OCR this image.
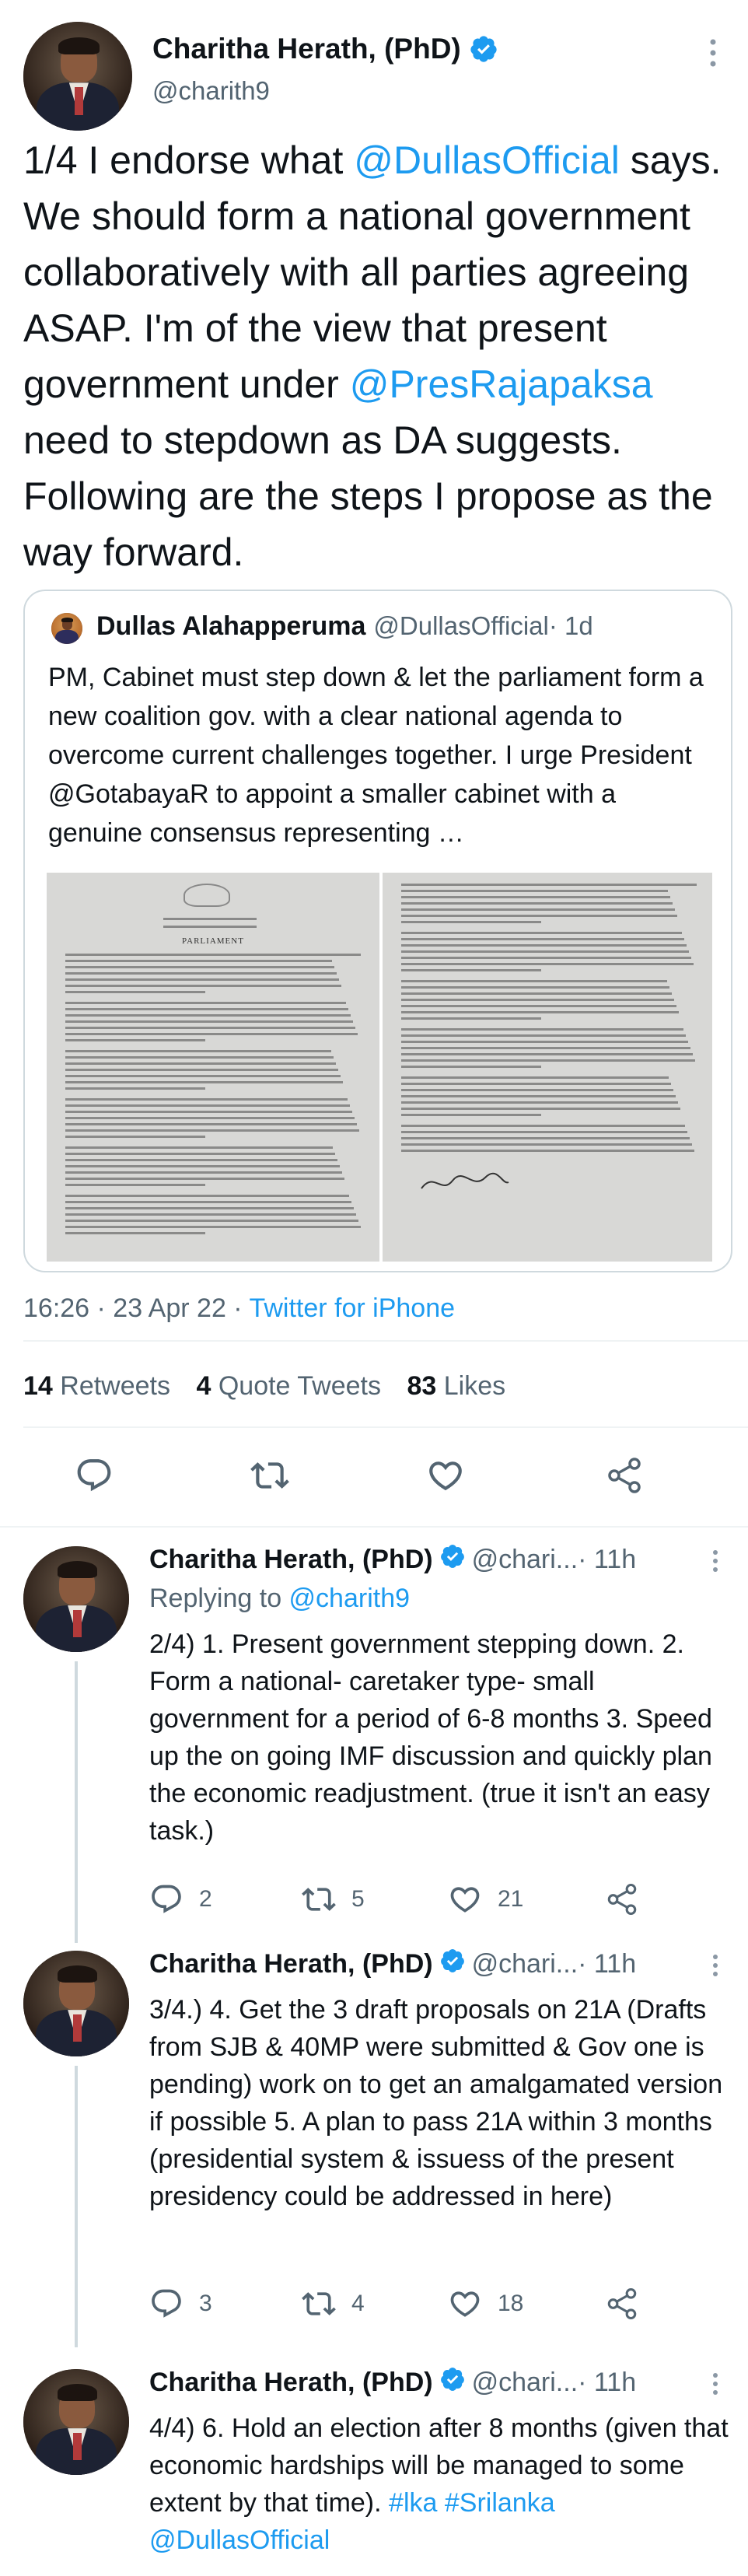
Charitha Herath, (PhD)
@charith9
1/4 I endorse what @DullasOfficial says. We should form a national government collaboratively with all parties agreeing ASAP. I'm of the view that present government under @PresRajapaksa need to stepdown as DA suggests. Following are the steps I propose as the way forward.
Dullas Alahapperuma @DullasOfficial · 1d
PM, Cabinet must step down & let the parliament form a new coalition gov. with a clear national agenda to overcome current challenges together. I urge President @GotabayaR to appoint a smaller cabinet with a genuine consensus representing …
PARLIAMENT
16:26 · 23 Apr 22 · Twitter for iPhone
14 Retweets 4 Quote Tweets 83 Likes
Charitha Herath, (PhD) @chari... · 11h
Replying to @charith9
2/4) 1. Present government stepping down. 2. Form a national- caretaker type- small government for a period of 6-8 months 3. Speed up the on going IMF discussion and quickly plan the economic readjustment. (true it isn't an easy task.)
2	5	21
Charitha Herath, (PhD) @chari... · 11h
3/4.) 4. Get the 3 draft proposals on 21A (Drafts from SJB & 40MP were submitted & Gov one is pending) work on to get an amalgamated version if possible 5. A plan to pass 21A within 3 months (presidential system & issuess of the present presidency could be addressed in here)
3	4	18
Charitha Herath, (PhD) @chari... · 11h
4/4) 6. Hold an election after 8 months (given that economic hardships will be managed to some extent by that time). #lka #Srilanka @DullasOfficial
